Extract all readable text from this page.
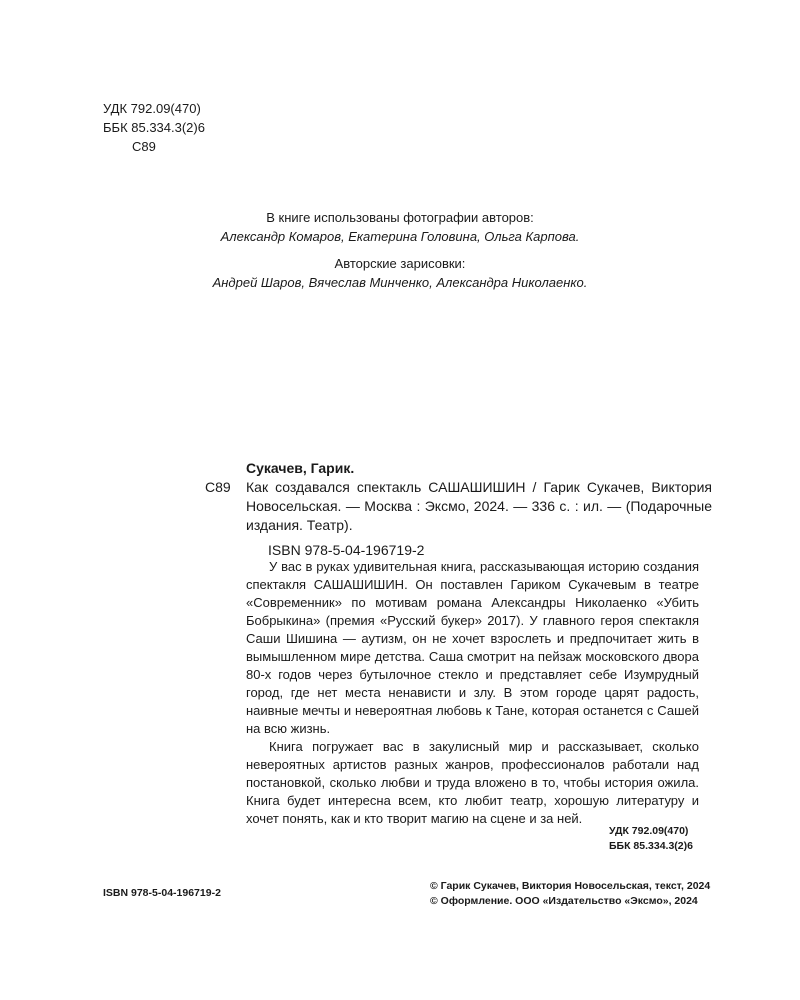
УДК 792.09(470)
ББК 85.334.3(2)6
С89
В книге использованы фотографии авторов:
Александр Комаров, Екатерина Головина, Ольга Карпова.
Авторские зарисовки:
Андрей Шаров, Вячеслав Минченко, Александра Николаенко.
Сукачев, Гарик.
С89 Как создавался спектакль САШАШИШИН / Гарик Сукачев, Виктория Новосельская. — Москва : Эксмо, 2024. — 336 с. : ил. — (Подарочные издания. Театр).
ISBN 978-5-04-196719-2

У вас в руках удивительная книга, рассказывающая историю создания спектакля САШАШИШИН. Он поставлен Гариком Сукачевым в театре «Современник» по мотивам романа Александры Николаенко «Убить Бобрыкина» (премия «Русский букер» 2017). У главного героя спектакля Саши Шишина — аутизм, он не хочет взрослеть и предпочитает жить в вымышленном мире детства. Саша смотрит на пейзаж московского двора 80-х годов через бутылочное стекло и представляет себе Изумрудный город, где нет места ненависти и злу. В этом городе царят радость, наивные мечты и невероятная любовь к Тане, которая останется с Сашей на всю жизнь.

Книга погружает вас в закулисный мир и рассказывает, сколько невероятных артистов разных жанров, профессионалов работали над постановкой, сколько любви и труда вложено в то, чтобы история ожила. Книга будет интересна всем, кто любит театр, хорошую литературу и хочет понять, как и кто творит магию на сцене и за ней.

УДК 792.09(470)
ББК 85.334.3(2)6
ISBN 978-5-04-196719-2
© Гарик Сукачев, Виктория Новосельская, текст, 2024
© Оформление. ООО «Издательство «Эксмо», 2024
